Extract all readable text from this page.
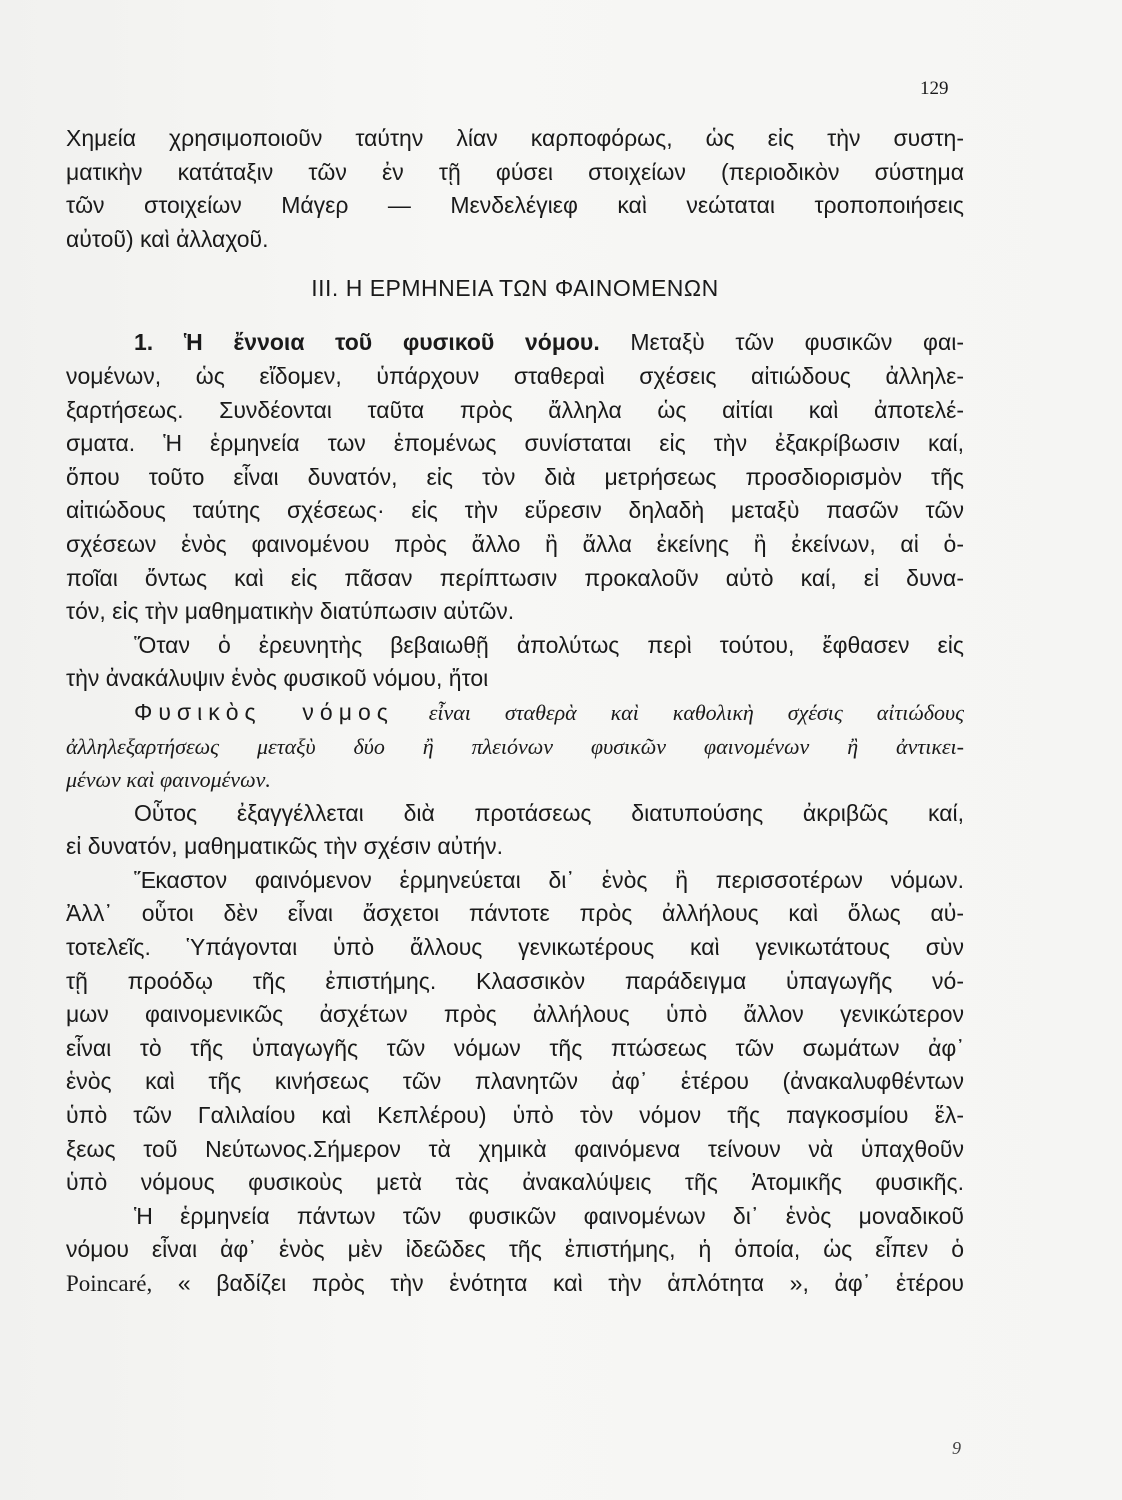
129
Χημεία χρησιμοποιοῦν ταύτην λίαν καρποφόρως, ὡς εἰς τὴν συστη-
ματικὴν κατάταξιν τῶν ἐν τῇ φύσει στοιχείων (περιοδικὸν σύστημα
τῶν στοιχείων Μάγερ — Μενδελέγιεφ καὶ νεώταται τροποποιήσεις
αὐτοῦ) καὶ ἀλλαχοῦ.
III. Η ΕΡΜΗΝΕΙΑ ΤΩΝ ΦΑΙΝΟΜΕΝΩΝ
1. Ἡ ἔννοια τοῦ φυσικοῦ νόμου. Μεταξὺ τῶν φυσικῶν φαι-
νομένων, ὡς εἴδομεν, ὑπάρχουν σταθεραὶ σχέσεις αἰτιώδους ἀλληλε-
ξαρτήσεως. Συνδέονται ταῦτα πρὸς ἄλληλα ὡς αἰτίαι καὶ ἀποτελέ-
σματα. Ἡ ἑρμηνεία των ἑπομένως συνίσταται εἰς τὴν ἐξακρίβωσιν καί,
ὅπου τοῦτο εἶναι δυνατόν, εἰς τὸν διὰ μετρήσεως προσδιορισμὸν τῆς
αἰτιώδους ταύτης σχέσεως· εἰς τὴν εὕρεσιν δηλαδὴ μεταξὺ πασῶν τῶν
σχέσεων ἑνὸς φαινομένου πρὸς ἄλλο ἢ ἄλλα ἐκείνης ἢ ἐκείνων, αἱ ὁ-
ποῖαι ὄντως καὶ εἰς πᾶσαν περίπτωσιν προκαλοῦν αὐτὸ καί, εἰ δυνα-
τόν, εἰς τὴν μαθηματικὴν διατύπωσιν αὐτῶν.
Ὅταν ὁ ἐρευνητὴς βεβαιωθῇ ἀπολύτως περὶ τούτου, ἔφθασεν εἰς
τὴν ἀνακάλυψιν ἑνὸς φυσικοῦ νόμου, ἤτοι
Φυσικὸς νόμος εἶναι σταθερὰ καὶ καθολικὴ σχέσις αἰτιώδους
ἀλληλεξαρτήσεως μεταξὺ δύο ἢ πλειόνων φυσικῶν φαινομένων ἢ ἀντικει-
μένων καὶ φαινομένων.
Οὗτος ἐξαγγέλλεται διὰ προτάσεως διατυπούσης ἀκριβῶς καί,
εἰ δυνατόν, μαθηματικῶς τὴν σχέσιν αὐτήν.
Ἕκαστον φαινόμενον ἑρμηνεύεται δι᾽ ἑνὸς ἢ περισσοτέρων νόμων.
Ἀλλ᾽ οὗτοι δὲν εἶναι ἄσχετοι πάντοτε πρὸς ἀλλήλους καὶ ὅλως αὐ-
τοτελεῖς. Ὑπάγονται ὑπὸ ἄλλους γενικωτέρους καὶ γενικωτάτους σὺν
τῇ προόδῳ τῆς ἐπιστήμης. Κλασσικὸν παράδειγμα ὑπαγωγῆς νό-
μων φαινομενικῶς ἀσχέτων πρὸς ἀλλήλους ὑπὸ ἄλλον γενικώτερον
εἶναι τὸ τῆς ὑπαγωγῆς τῶν νόμων τῆς πτώσεως τῶν σωμάτων ἀφ᾽
ἑνὸς καὶ τῆς κινήσεως τῶν πλανητῶν ἀφ᾽ ἑτέρου (ἀνακαλυφθέντων
ὑπὸ τῶν Γαλιλαίου καὶ Κεπλέρου) ὑπὸ τὸν νόμον τῆς παγκοσμίου ἕλ-
ξεως τοῦ Νεύτωνος.Σήμερον τὰ χημικὰ φαινόμενα τείνουν νὰ ὑπαχθοῦν
ὑπὸ νόμους φυσικοὺς μετὰ τὰς ἀνακαλύψεις τῆς Ἀτομικῆς φυσικῆς.
Ἡ ἑρμηνεία πάντων τῶν φυσικῶν φαινομένων δι᾽ ἑνὸς μοναδικοῦ
νόμου εἶναι ἀφ᾽ ἑνὸς μὲν ἰδεῶδες τῆς ἐπιστήμης, ἡ ὁποία, ὡς εἶπεν ὁ
Poincaré, « βαδίζει πρὸς τὴν ἑνότητα καὶ τὴν ἁπλότητα », ἀφ᾽ ἑτέρου
9
